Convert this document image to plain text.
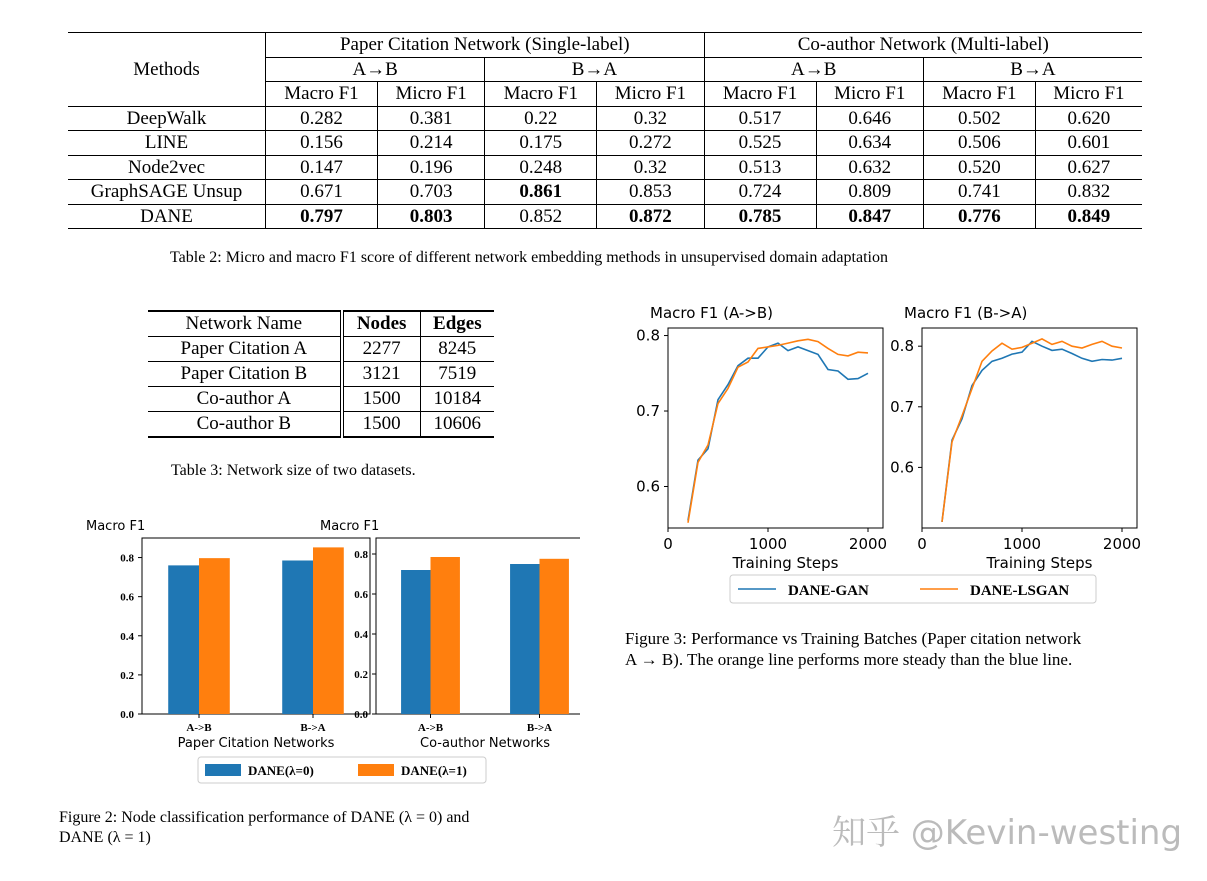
Methods	Paper Citation Network (Single-label)				Co-author Network (Multi-label)			
	A→B		B→A		A→B		B→A	
	Macro F1	Micro F1	Macro F1	Micro F1	Macro F1	Micro F1	Macro F1	Micro F1
DeepWalk	0.282	0.381	0.22	0.32	0.517	0.646	0.502	0.620
LINE	0.156	0.214	0.175	0.272	0.525	0.634	0.506	0.601
Node2vec	0.147	0.196	0.248	0.32	0.513	0.632	0.520	0.627
GraphSAGE Unsup	0.671	0.703	0.861	0.853	0.724	0.809	0.741	0.832
DANE	0.797	0.803	0.852	0.872	0.785	0.847	0.776	0.849
Table 2: Micro and macro F1 score of different network embedding methods in unsupervised domain adaptation
Network Name	Nodes	Edges
Paper Citation A	2277	8245
Paper Citation B	3121	7519
Co-author A	1500	10184
Co-author B	1500	10606
Table 3: Network size of two datasets.
Macro F1
0.0
0.2
0.4
0.6
0.8
A->B	B->A
Paper Citation Networks
Macro F1
0.0
0.2
0.4
0.6
0.8
A->B	B->A
Co-author Networks
DANE(λ=0)	DANE(λ=1)
Figure 2: Node classification performance of DANE (λ = 0) and
DANE (λ = 1)
Macro F1 (A->B)
0.6
0.7
0.8
0	1000	2000
Training Steps
Macro F1 (B->A)
0.6
0.7
0.8
0	1000	2000
Training Steps
DANE-GAN	DANE-LSGAN
Figure 3: Performance vs Training Batches (Paper citation network
A → B). The orange line performs more steady than the blue line.
知乎 @Kevin-westing
